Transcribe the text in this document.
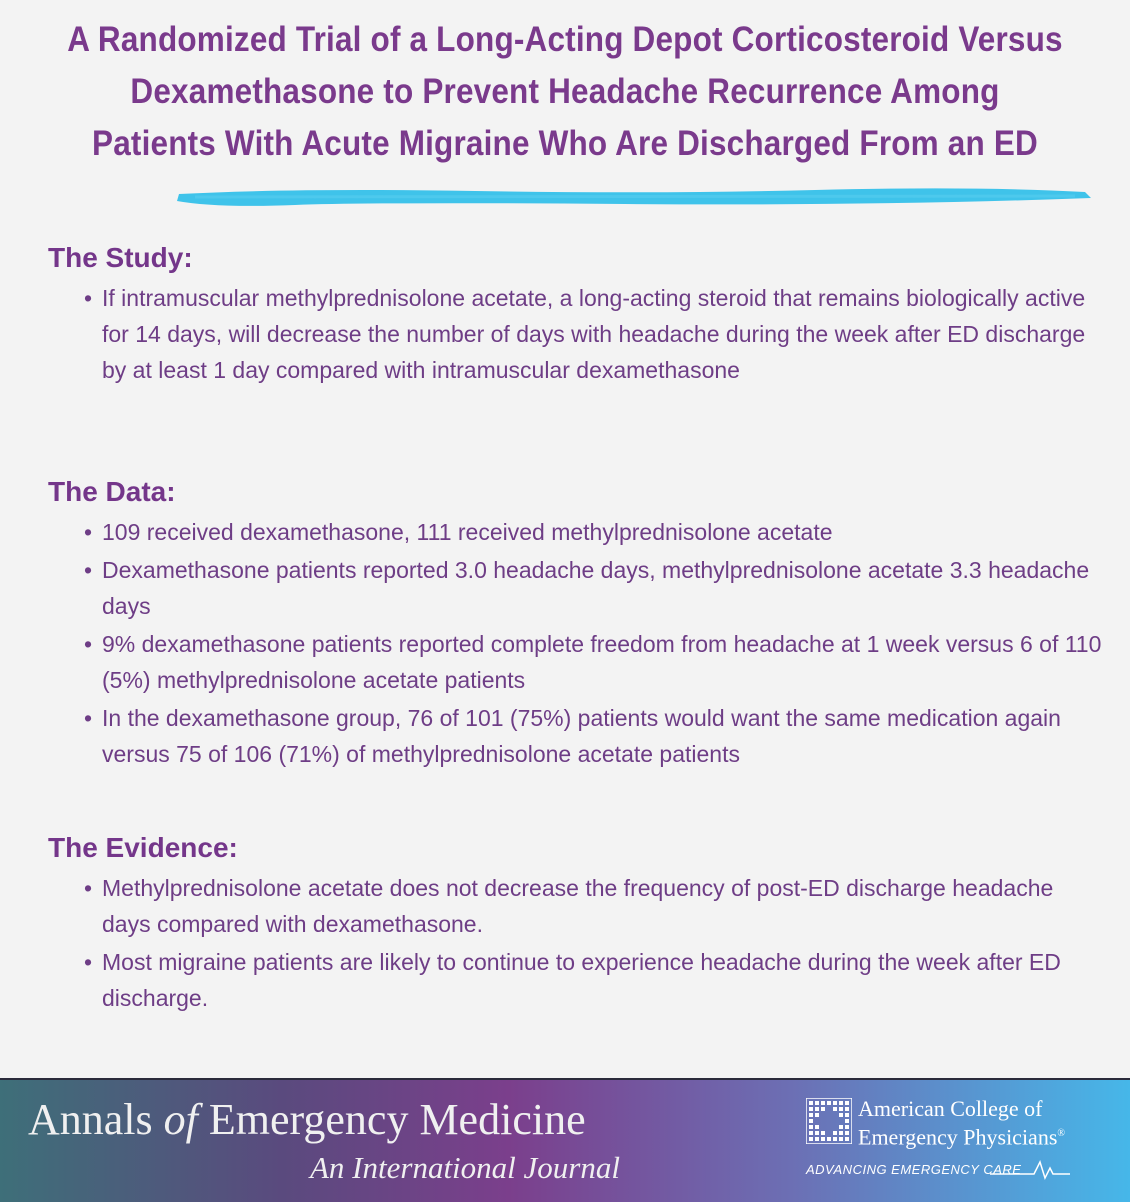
A Randomized Trial of a Long-Acting Depot Corticosteroid Versus
Dexamethasone to Prevent Headache Recurrence Among
Patients With Acute Migraine Who Are Discharged From an ED
The Study:
• If intramuscular methylprednisolone acetate, a long-acting steroid that remains biologically active for 14 days, will decrease the number of days with headache during the week after ED discharge by at least 1 day compared with intramuscular dexamethasone
The Data:
• 109 received dexamethasone, 111 received methylprednisolone acetate
• Dexamethasone patients reported 3.0 headache days, methylprednisolone acetate 3.3 headache days
• 9% dexamethasone patients reported complete freedom from headache at 1 week versus 6 of 110 (5%) methylprednisolone acetate patients
• In the dexamethasone group, 76 of 101 (75%) patients would want the same medication again versus 75 of 106 (71%) of methylprednisolone acetate patients
The Evidence:
• Methylprednisolone acetate does not decrease the frequency of post-ED discharge headache days compared with dexamethasone.
• Most migraine patients are likely to continue to experience headache during the week after ED discharge.
Annals of Emergency Medicine
An International Journal
American College of
Emergency Physicians®
ADVANCING EMERGENCY CARE
